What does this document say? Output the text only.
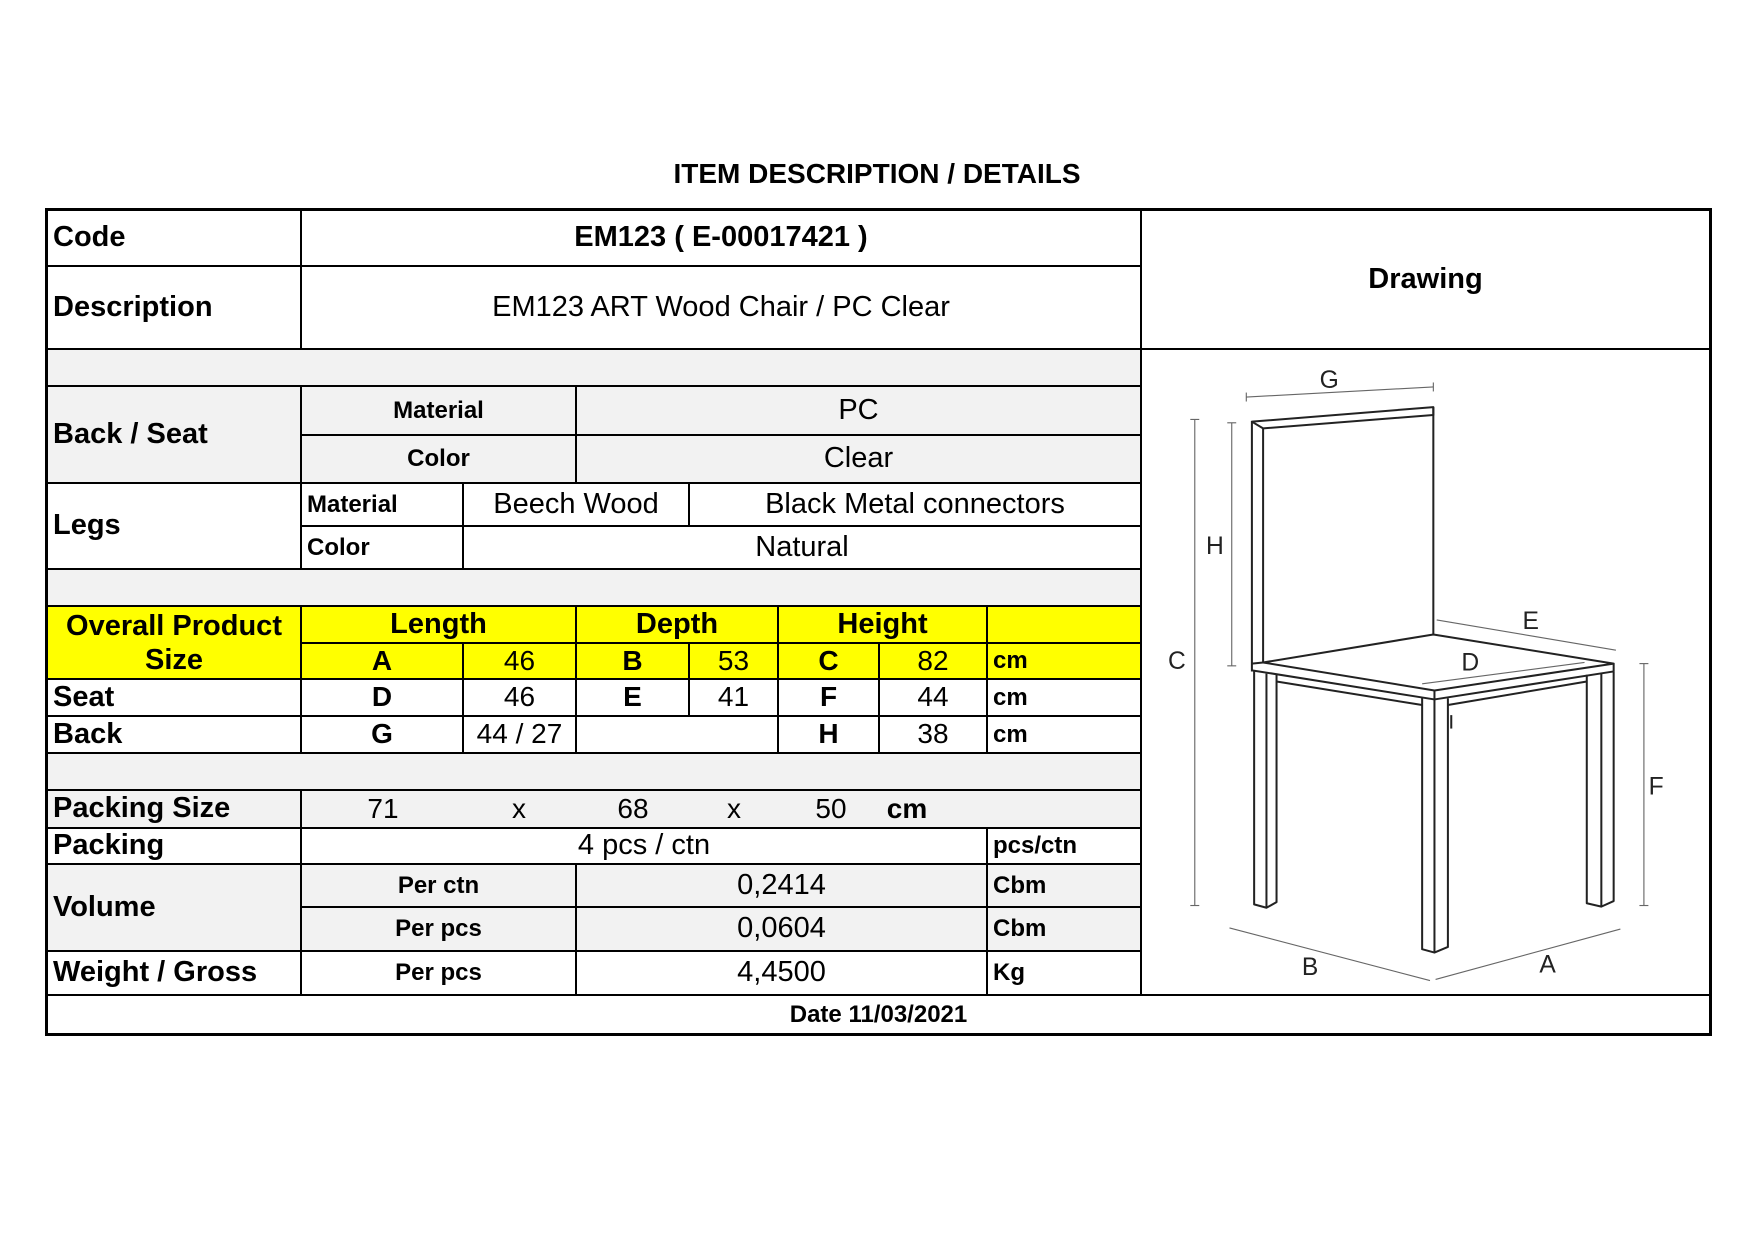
ITEM DESCRIPTION / DETAILS
Code	EM123 ( E-00017421 )
Description	EM123 ART Wood Chair / PC Clear
Drawing
Back / Seat
Material	PC
Color	Clear
Legs
Material	Beech Wood	Black Metal connectors
Color	Natural
Overall Product Size
Length	Depth	Height
A	46	B	53	C	82	cm
Seat	D	46	E	41	F	44	cm
Back	G	44 / 27	H	38	cm
Packing Size	71	x	68	x	50 cm
Packing	4 pcs / ctn	pcs/ctn
Volume
Per ctn	0,2414	Cbm
Per pcs	0,0604	Cbm
Weight / Gross	Per pcs	4,4500	Kg
G
H
C
E
D
F
B	A
Date 11/03/2021
